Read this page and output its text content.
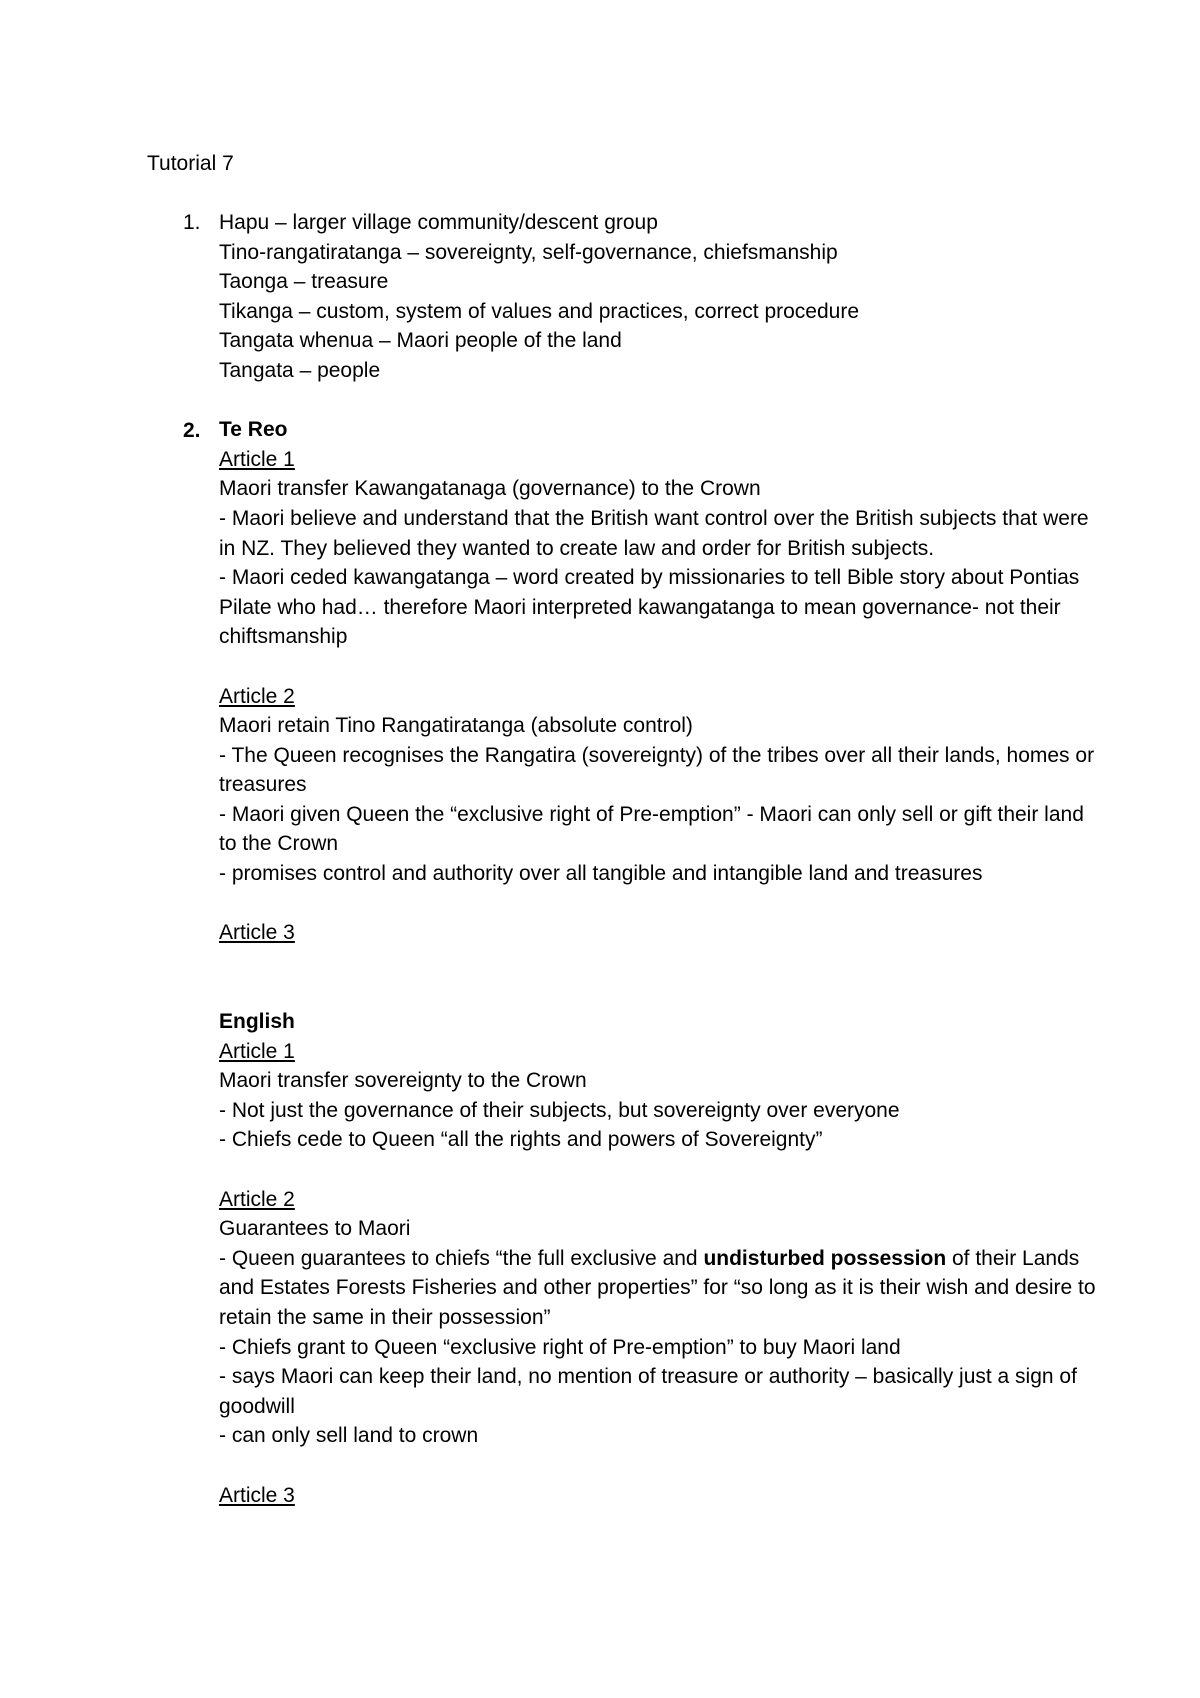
Tutorial 7
1.
2.
Hapu – larger village community/descent group
Tino-rangatiratanga – sovereignty, self-governance, chiefsmanship
Taonga – treasure
Tikanga – custom, system of values and practices, correct procedure
Tangata whenua – Maori people of the land
Tangata – people
Te Reo
Article 1
Maori transfer Kawangatanaga (governance) to the Crown
- Maori believe and understand that the British want control over the British subjects that were in NZ. They believed they wanted to create law and order for British subjects.
- Maori ceded kawangatanga – word created by missionaries to tell Bible story about Pontias Pilate who had… therefore Maori interpreted kawangatanga to mean governance- not their chiftsmanship
Article 2
Maori retain Tino Rangatiratanga (absolute control)
- The Queen recognises the Rangatira (sovereignty) of the tribes over all their lands, homes or treasures
- Maori given Queen the “exclusive right of Pre-emption” - Maori can only sell or gift their land to the Crown
- promises control and authority over all tangible and intangible land and treasures
Article 3
English
Article 1
Maori transfer sovereignty to the Crown
- Not just the governance of their subjects, but sovereignty over everyone
- Chiefs cede to Queen “all the rights and powers of Sovereignty”
Article 2
Guarantees to Maori
- Queen guarantees to chiefs “the full exclusive and undisturbed possession of their Lands and Estates Forests Fisheries and other properties” for “so long as it is their wish and desire to retain the same in their possession”
- Chiefs grant to Queen “exclusive right of Pre-emption” to buy Maori land
- says Maori can keep their land, no mention of treasure or authority – basically just a sign of goodwill
- can only sell land to crown
Article 3
